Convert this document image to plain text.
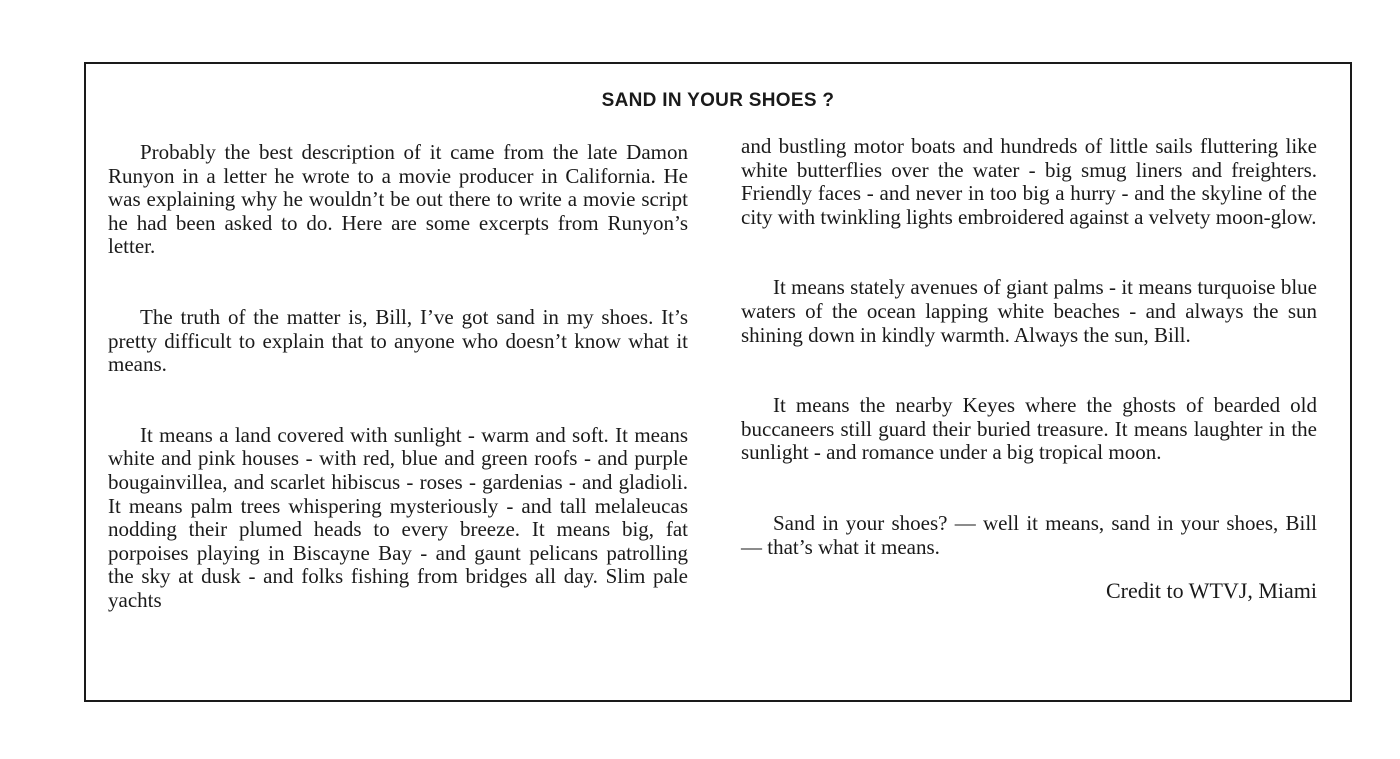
SAND IN YOUR SHOES ?

Probably the best description of it came from the late Damon Runyon in a letter he wrote to a movie producer in California. He was explaining why he wouldn’t be out there to write a movie script he had been asked to do. Here are some excerpts from Runyon’s letter.

The truth of the matter is, Bill, I’ve got sand in my shoes. It’s pretty difficult to explain that to anyone who doesn’t know what it means.

It means a land covered with sunlight - warm and soft. It means white and pink houses - with red, blue and green roofs - and purple bougainvillea, and scarlet hibiscus - roses - gardenias - and gladioli. It means palm trees whispering mysteriously - and tall melaleucas nodding their plumed heads to every breeze. It means big, fat porpoises playing in Biscayne Bay - and gaunt pelicans patrolling the sky at dusk - and folks fishing from bridges all day. Slim pale yachts

and bustling motor boats and hundreds of little sails fluttering like white butterflies over the water - big smug liners and freighters. Friendly faces - and never in too big a hurry - and the skyline of the city with twinkling lights embroidered against a velvety moon-glow.

It means stately avenues of giant palms - it means turquoise blue waters of the ocean lapping white beaches - and always the sun shining down in kindly warmth. Always the sun, Bill.

It means the nearby Keyes where the ghosts of bearded old buccaneers still guard their buried treasure. It means laughter in the sunlight - and romance under a big tropical moon.

Sand in your shoes? — well it means, sand in your shoes, Bill — that’s what it means.

Credit to WTVJ, Miami
